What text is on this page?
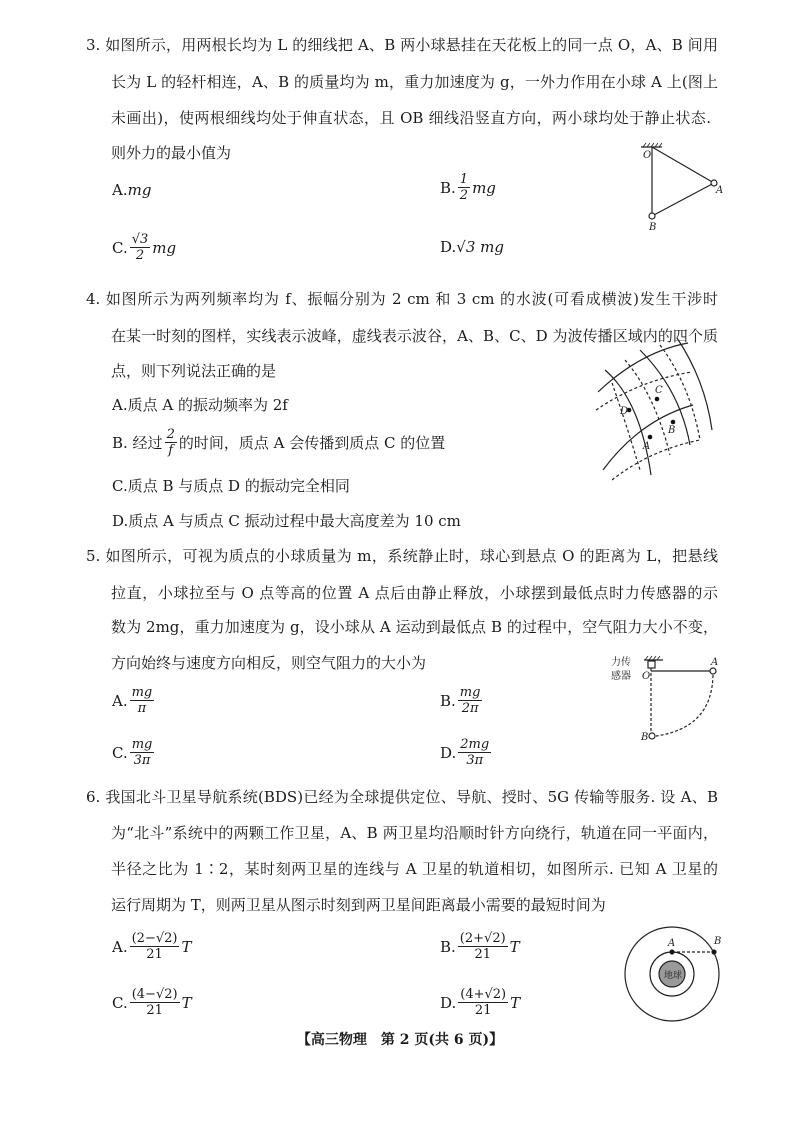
3. 如图所示，用两根长均为 L 的细线把 A、B 两小球悬挂在天花板上的同一点 O，A、B 间用
长为 L 的轻杆相连，A、B 的质量均为 m，重力加速度为 g，一外力作用在小球 A 上(图上
未画出)，使两根细线均处于伸直状态，且 OB 细线沿竖直方向，两小球均处于静止状态.
则外力的最小值为
A. mg	B. $\frac{1}{2}$ mg
C. $\frac{√3}{2}$ mg	D. √3 mg
O
A
B
C
D
B
A
力传
感器 O
A
B
地球
A	B
4. 如图所示为两列频率均为 f、振幅分别为 2 cm 和 3 cm 的水波(可看成横波)发生干涉时
在某一时刻的图样，实线表示波峰，虚线表示波谷，A、B、C、D 为波传播区域内的四个质
点，则下列说法正确的是
A. 质点 A 的振动频率为 2f
B. 经过 $\frac{2}{f}$ 的时间，质点 A 会传播到质点 C 的位置
C. 质点 B 与质点 D 的振动完全相同
D. 质点 A 与质点 C 振动过程中最大高度差为 10 cm
5. 如图所示，可视为质点的小球质量为 m，系统静止时，球心到悬点 O 的距离为 L，把悬线
拉直，小球拉至与 O 点等高的位置 A 点后由静止释放，小球摆到最低点时力传感器的示
数为 2mg，重力加速度为 g，设小球从 A 运动到最低点 B 的过程中，空气阻力大小不变，
方向始终与速度方向相反，则空气阻力的大小为
A. $\frac{mg}{\pi}$	B. $\frac{mg}{2\pi}$
C. $\frac{mg}{3\pi}$	D. $\frac{2mg}{3\pi}$
6. 我国北斗卫星导航系统(BDS)已经为全球提供定位、导航、授时、5G 传输等服务. 设 A、B
为“北斗”系统中的两颗工作卫星，A、B 两卫星均沿顺时针方向绕行，轨道在同一平面内，
半径之比为 1∶2，某时刻两卫星的连线与 A 卫星的轨道相切，如图所示. 已知 A 卫星的
运行周期为 T，则两卫星从图示时刻到两卫星间距离最小需要的最短时间为
A. $\frac{(2-√2)}{21}$ T	B. $\frac{(2+√2)}{21}$ T
C. $\frac{(4-√2)}{21}$ T	D. $\frac{(4+√2)}{21}$ T
【高三物理　第 2 页(共 6 页)】
